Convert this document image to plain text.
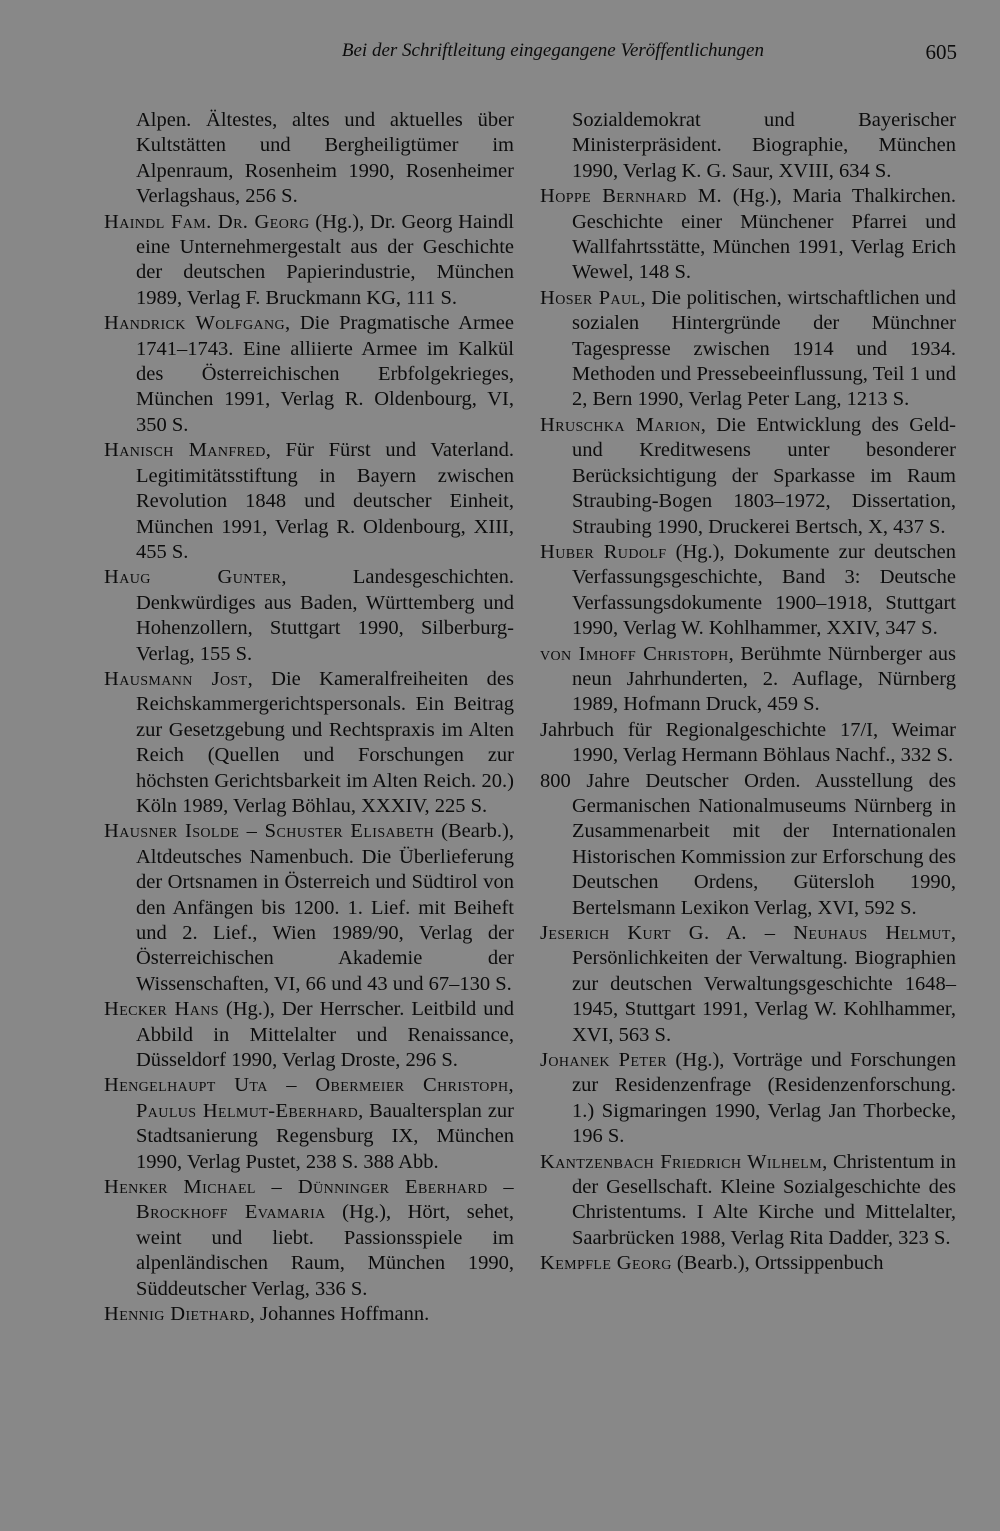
Bei der Schriftleitung eingegangene Veröffentlichungen	605

Alpen. Ältestes, altes und aktuelles über Kultstätten und Bergheiligtümer im Alpenraum, Rosenheim 1990, Rosenheimer Verlagshaus, 256 S.

Haindl Fam. Dr. Georg (Hg.), Dr. Georg Haindl eine Unternehmergestalt aus der Geschichte der deutschen Papierindustrie, München 1989, Verlag F. Bruckmann KG, 111 S.

Handrick Wolfgang, Die Pragmatische Armee 1741–1743. Eine alliierte Armee im Kalkül des Österreichischen Erbfolgekrieges, München 1991, Verlag R. Oldenbourg, VI, 350 S.

Hanisch Manfred, Für Fürst und Vaterland. Legitimitätsstiftung in Bayern zwischen Revolution 1848 und deutscher Einheit, München 1991, Verlag R. Oldenbourg, XIII, 455 S.

Haug Gunter, Landesgeschichten. Denkwürdiges aus Baden, Württemberg und Hohenzollern, Stuttgart 1990, Silberburg-Verlag, 155 S.

Hausmann Jost, Die Kameralfreiheiten des Reichskammergerichtspersonals. Ein Beitrag zur Gesetzgebung und Rechtspraxis im Alten Reich (Quellen und Forschungen zur höchsten Gerichtsbarkeit im Alten Reich. 20.) Köln 1989, Verlag Böhlau, XXXIV, 225 S.

Hausner Isolde – Schuster Elisabeth (Bearb.), Altdeutsches Namenbuch. Die Überlieferung der Ortsnamen in Österreich und Südtirol von den Anfängen bis 1200. 1. Lief. mit Beiheft und 2. Lief., Wien 1989/90, Verlag der Österreichischen Akademie der Wissenschaften, VI, 66 und 43 und 67–130 S.

Hecker Hans (Hg.), Der Herrscher. Leitbild und Abbild in Mittelalter und Renaissance, Düsseldorf 1990, Verlag Droste, 296 S.

Hengelhaupt Uta – Obermeier Christoph, Paulus Helmut-Eberhard, Baualtersplan zur Stadtsanierung Regensburg IX, München 1990, Verlag Pustet, 238 S. 388 Abb.

Henker Michael – Dünninger Eberhard – Brockhoff Evamaria (Hg.), Hört, sehet, weint und liebt. Passionsspiele im alpenländischen Raum, München 1990, Süddeutscher Verlag, 336 S.

Hennig Diethard, Johannes Hoffmann.

Sozialdemokrat und Bayerischer Ministerpräsident. Biographie, München 1990, Verlag K. G. Saur, XVIII, 634 S.

Hoppe Bernhard M. (Hg.), Maria Thalkirchen. Geschichte einer Münchener Pfarrei und Wallfahrtsstätte, München 1991, Verlag Erich Wewel, 148 S.

Hoser Paul, Die politischen, wirtschaftlichen und sozialen Hintergründe der Münchner Tagespresse zwischen 1914 und 1934. Methoden und Pressebeeinflussung, Teil 1 und 2, Bern 1990, Verlag Peter Lang, 1213 S.

Hruschka Marion, Die Entwicklung des Geld- und Kreditwesens unter besonderer Berücksichtigung der Sparkasse im Raum Straubing-Bogen 1803–1972, Dissertation, Straubing 1990, Druckerei Bertsch, X, 437 S.

Huber Rudolf (Hg.), Dokumente zur deutschen Verfassungsgeschichte, Band 3: Deutsche Verfassungsdokumente 1900–1918, Stuttgart 1990, Verlag W. Kohlhammer, XXIV, 347 S.

von Imhoff Christoph, Berühmte Nürnberger aus neun Jahrhunderten, 2. Auflage, Nürnberg 1989, Hofmann Druck, 459 S.

Jahrbuch für Regionalgeschichte 17/I, Weimar 1990, Verlag Hermann Böhlaus Nachf., 332 S.

800 Jahre Deutscher Orden. Ausstellung des Germanischen Nationalmuseums Nürnberg in Zusammenarbeit mit der Internationalen Historischen Kommission zur Erforschung des Deutschen Ordens, Gütersloh 1990, Bertelsmann Lexikon Verlag, XVI, 592 S.

Jeserich Kurt G. A. – Neuhaus Helmut, Persönlichkeiten der Verwaltung. Biographien zur deutschen Verwaltungsgeschichte 1648–1945, Stuttgart 1991, Verlag W. Kohlhammer, XVI, 563 S.

Johanek Peter (Hg.), Vorträge und Forschungen zur Residenzenfrage (Residenzenforschung. 1.) Sigmaringen 1990, Verlag Jan Thorbecke, 196 S.

Kantzenbach Friedrich Wilhelm, Christentum in der Gesellschaft. Kleine Sozialgeschichte des Christentums. I Alte Kirche und Mittelalter, Saarbrücken 1988, Verlag Rita Dadder, 323 S.

Kempfle Georg (Bearb.), Ortssippenbuch
